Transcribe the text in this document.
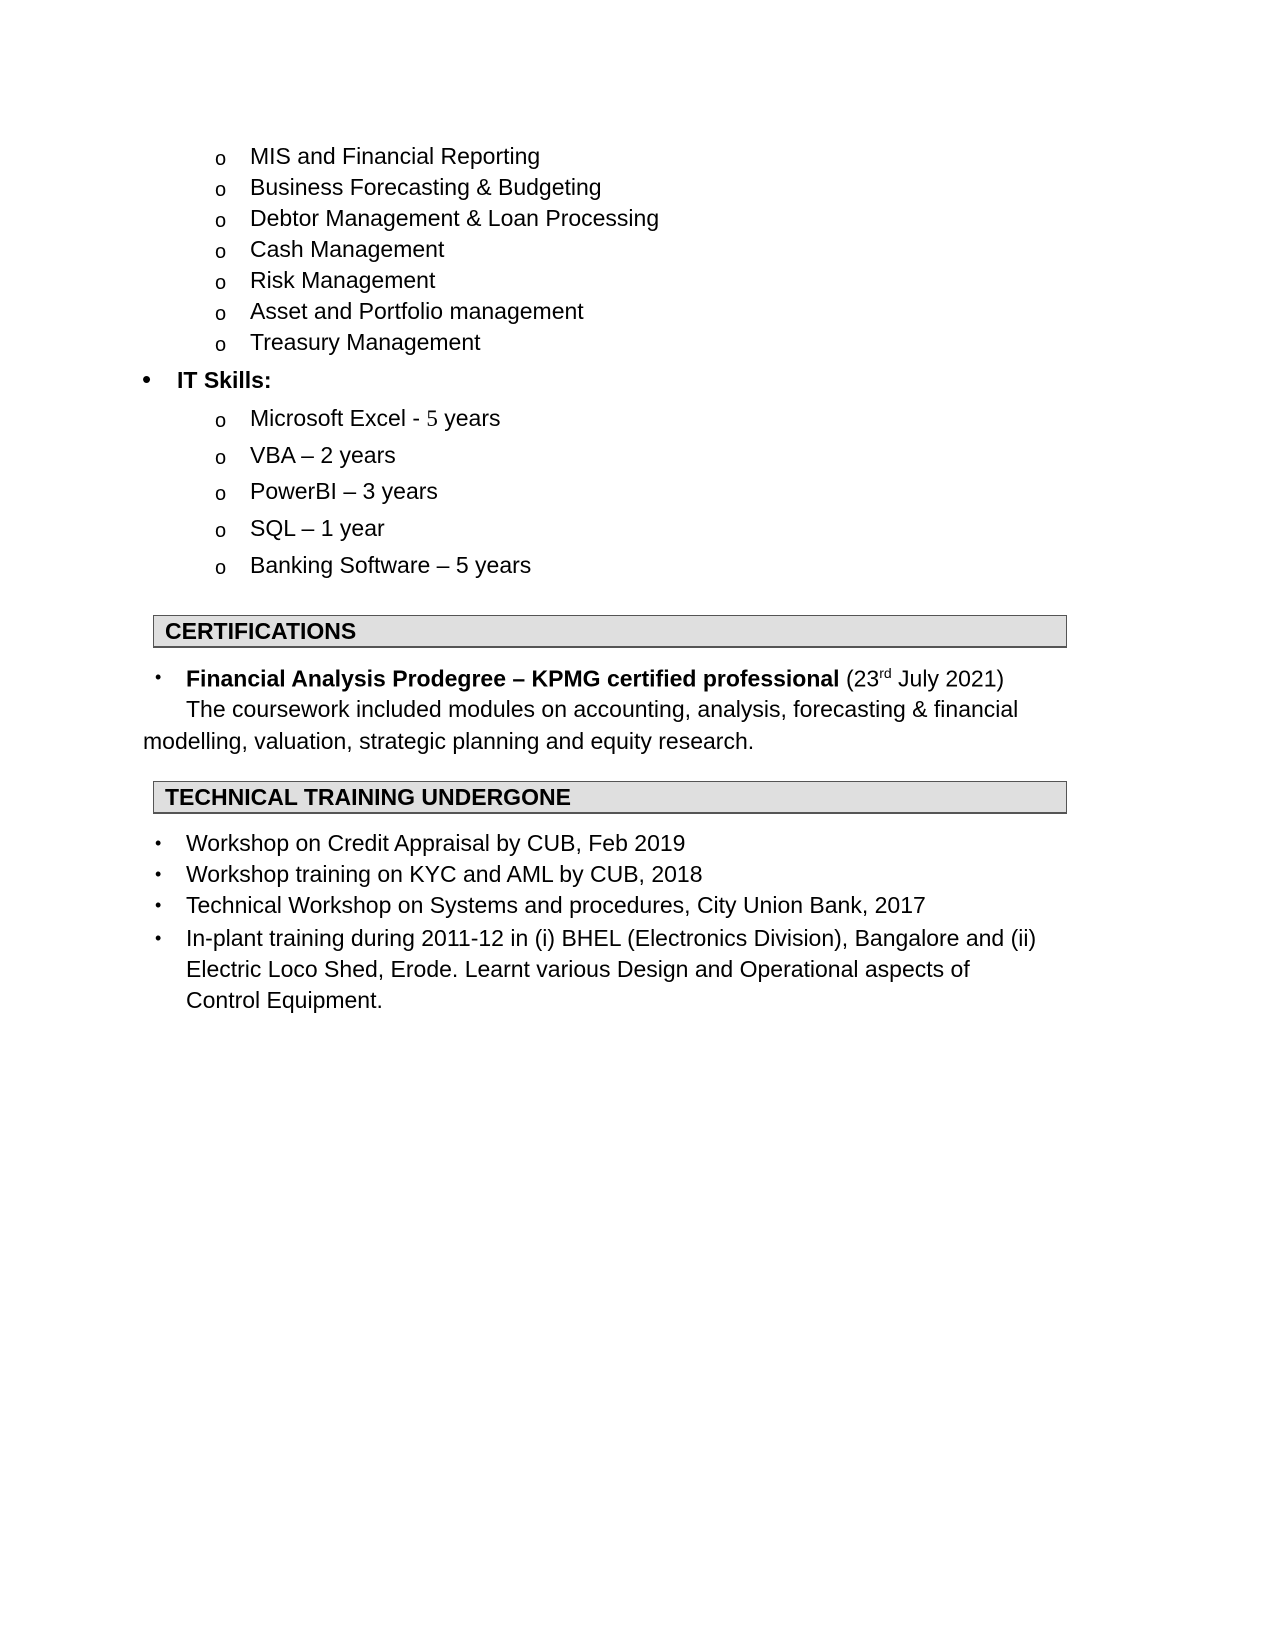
o MIS and Financial Reporting
o Business Forecasting & Budgeting
o Debtor Management & Loan Processing
o Cash Management
o Risk Management
o Asset and Portfolio management
o Treasury Management
• IT Skills:
o Microsoft Excel - 5 years
o VBA – 2 years
o PowerBI – 3 years
o SQL – 1 year
o Banking Software – 5 years
CERTIFICATIONS
• Financial Analysis Prodegree – KPMG certified professional (23rd July 2021)
The coursework included modules on accounting, analysis, forecasting & financial
modelling, valuation, strategic planning and equity research.
TECHNICAL TRAINING UNDERGONE
• Workshop on Credit Appraisal by CUB, Feb 2019
• Workshop training on KYC and AML by CUB, 2018
• Technical Workshop on Systems and procedures, City Union Bank, 2017
• In-plant training during 2011-12 in (i) BHEL (Electronics Division), Bangalore and (ii)
Electric Loco Shed, Erode. Learnt various Design and Operational aspects of
Control Equipment.
